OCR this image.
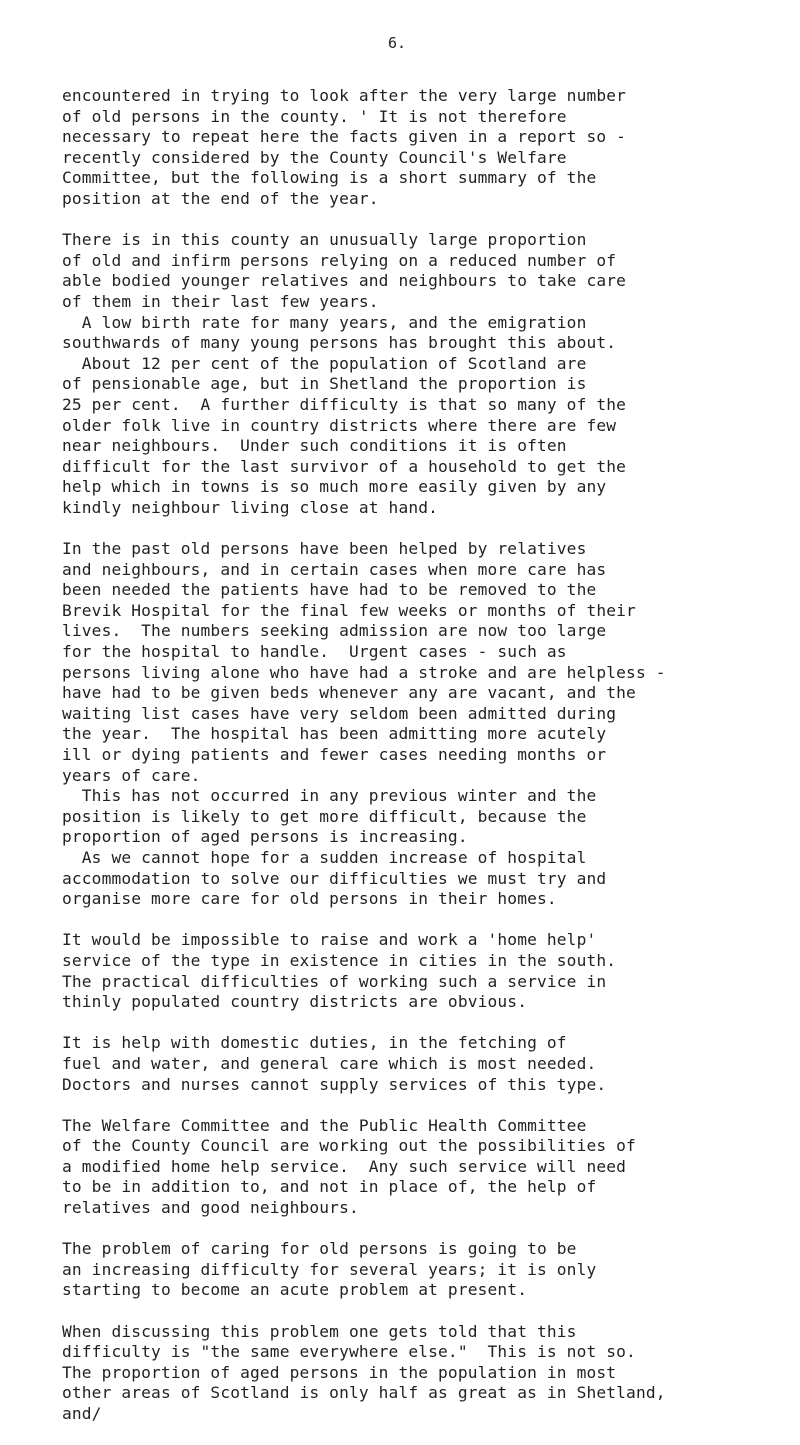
6.
encountered in trying to look after the very large number
of old persons in the county. ' It is not therefore
necessary to repeat here the facts given in a report so -
recently considered by the County Council's Welfare
Committee, but the following is a short summary of the
position at the end of the year.
There is in this county an unusually large proportion
of old and infirm persons relying on a reduced number of
able bodied younger relatives and neighbours to take care
of them in their last few years.
A low birth rate for many years, and the emigration
southwards of many young persons has brought this about.
About 12 per cent of the population of Scotland are
of pensionable age, but in Shetland the proportion is
25 per cent.  A further difficulty is that so many of the
older folk live in country districts where there are few
near neighbours.  Under such conditions it is often
difficult for the last survivor of a household to get the
help which in towns is so much more easily given by any
kindly neighbour living close at hand.
In the past old persons have been helped by relatives
and neighbours, and in certain cases when more care has
been needed the patients have had to be removed to the
Brevik Hospital for the final few weeks or months of their
lives.  The numbers seeking admission are now too large
for the hospital to handle.  Urgent cases - such as
persons living alone who have had a stroke and are helpless -
have had to be given beds whenever any are vacant, and the
waiting list cases have very seldom been admitted during
the year.  The hospital has been admitting more acutely
ill or dying patients and fewer cases needing months or
years of care.
This has not occurred in any previous winter and the
position is likely to get more difficult, because the
proportion of aged persons is increasing.
As we cannot hope for a sudden increase of hospital
accommodation to solve our difficulties we must try and
organise more care for old persons in their homes.
It would be impossible to raise and work a 'home help'
service of the type in existence in cities in the south.
The practical difficulties of working such a service in
thinly populated country districts are obvious.
It is help with domestic duties, in the fetching of
fuel and water, and general care which is most needed.
Doctors and nurses cannot supply services of this type.
The Welfare Committee and the Public Health Committee
of the County Council are working out the possibilities of
a modified home help service.  Any such service will need
to be in addition to, and not in place of, the help of
relatives and good neighbours.
The problem of caring for old persons is going to be
an increasing difficulty for several years; it is only
starting to become an acute problem at present.
When discussing this problem one gets told that this
difficulty is "the same everywhere else."  This is not so.
The proportion of aged persons in the population in most
other areas of Scotland is only half as great as in Shetland,
and/
